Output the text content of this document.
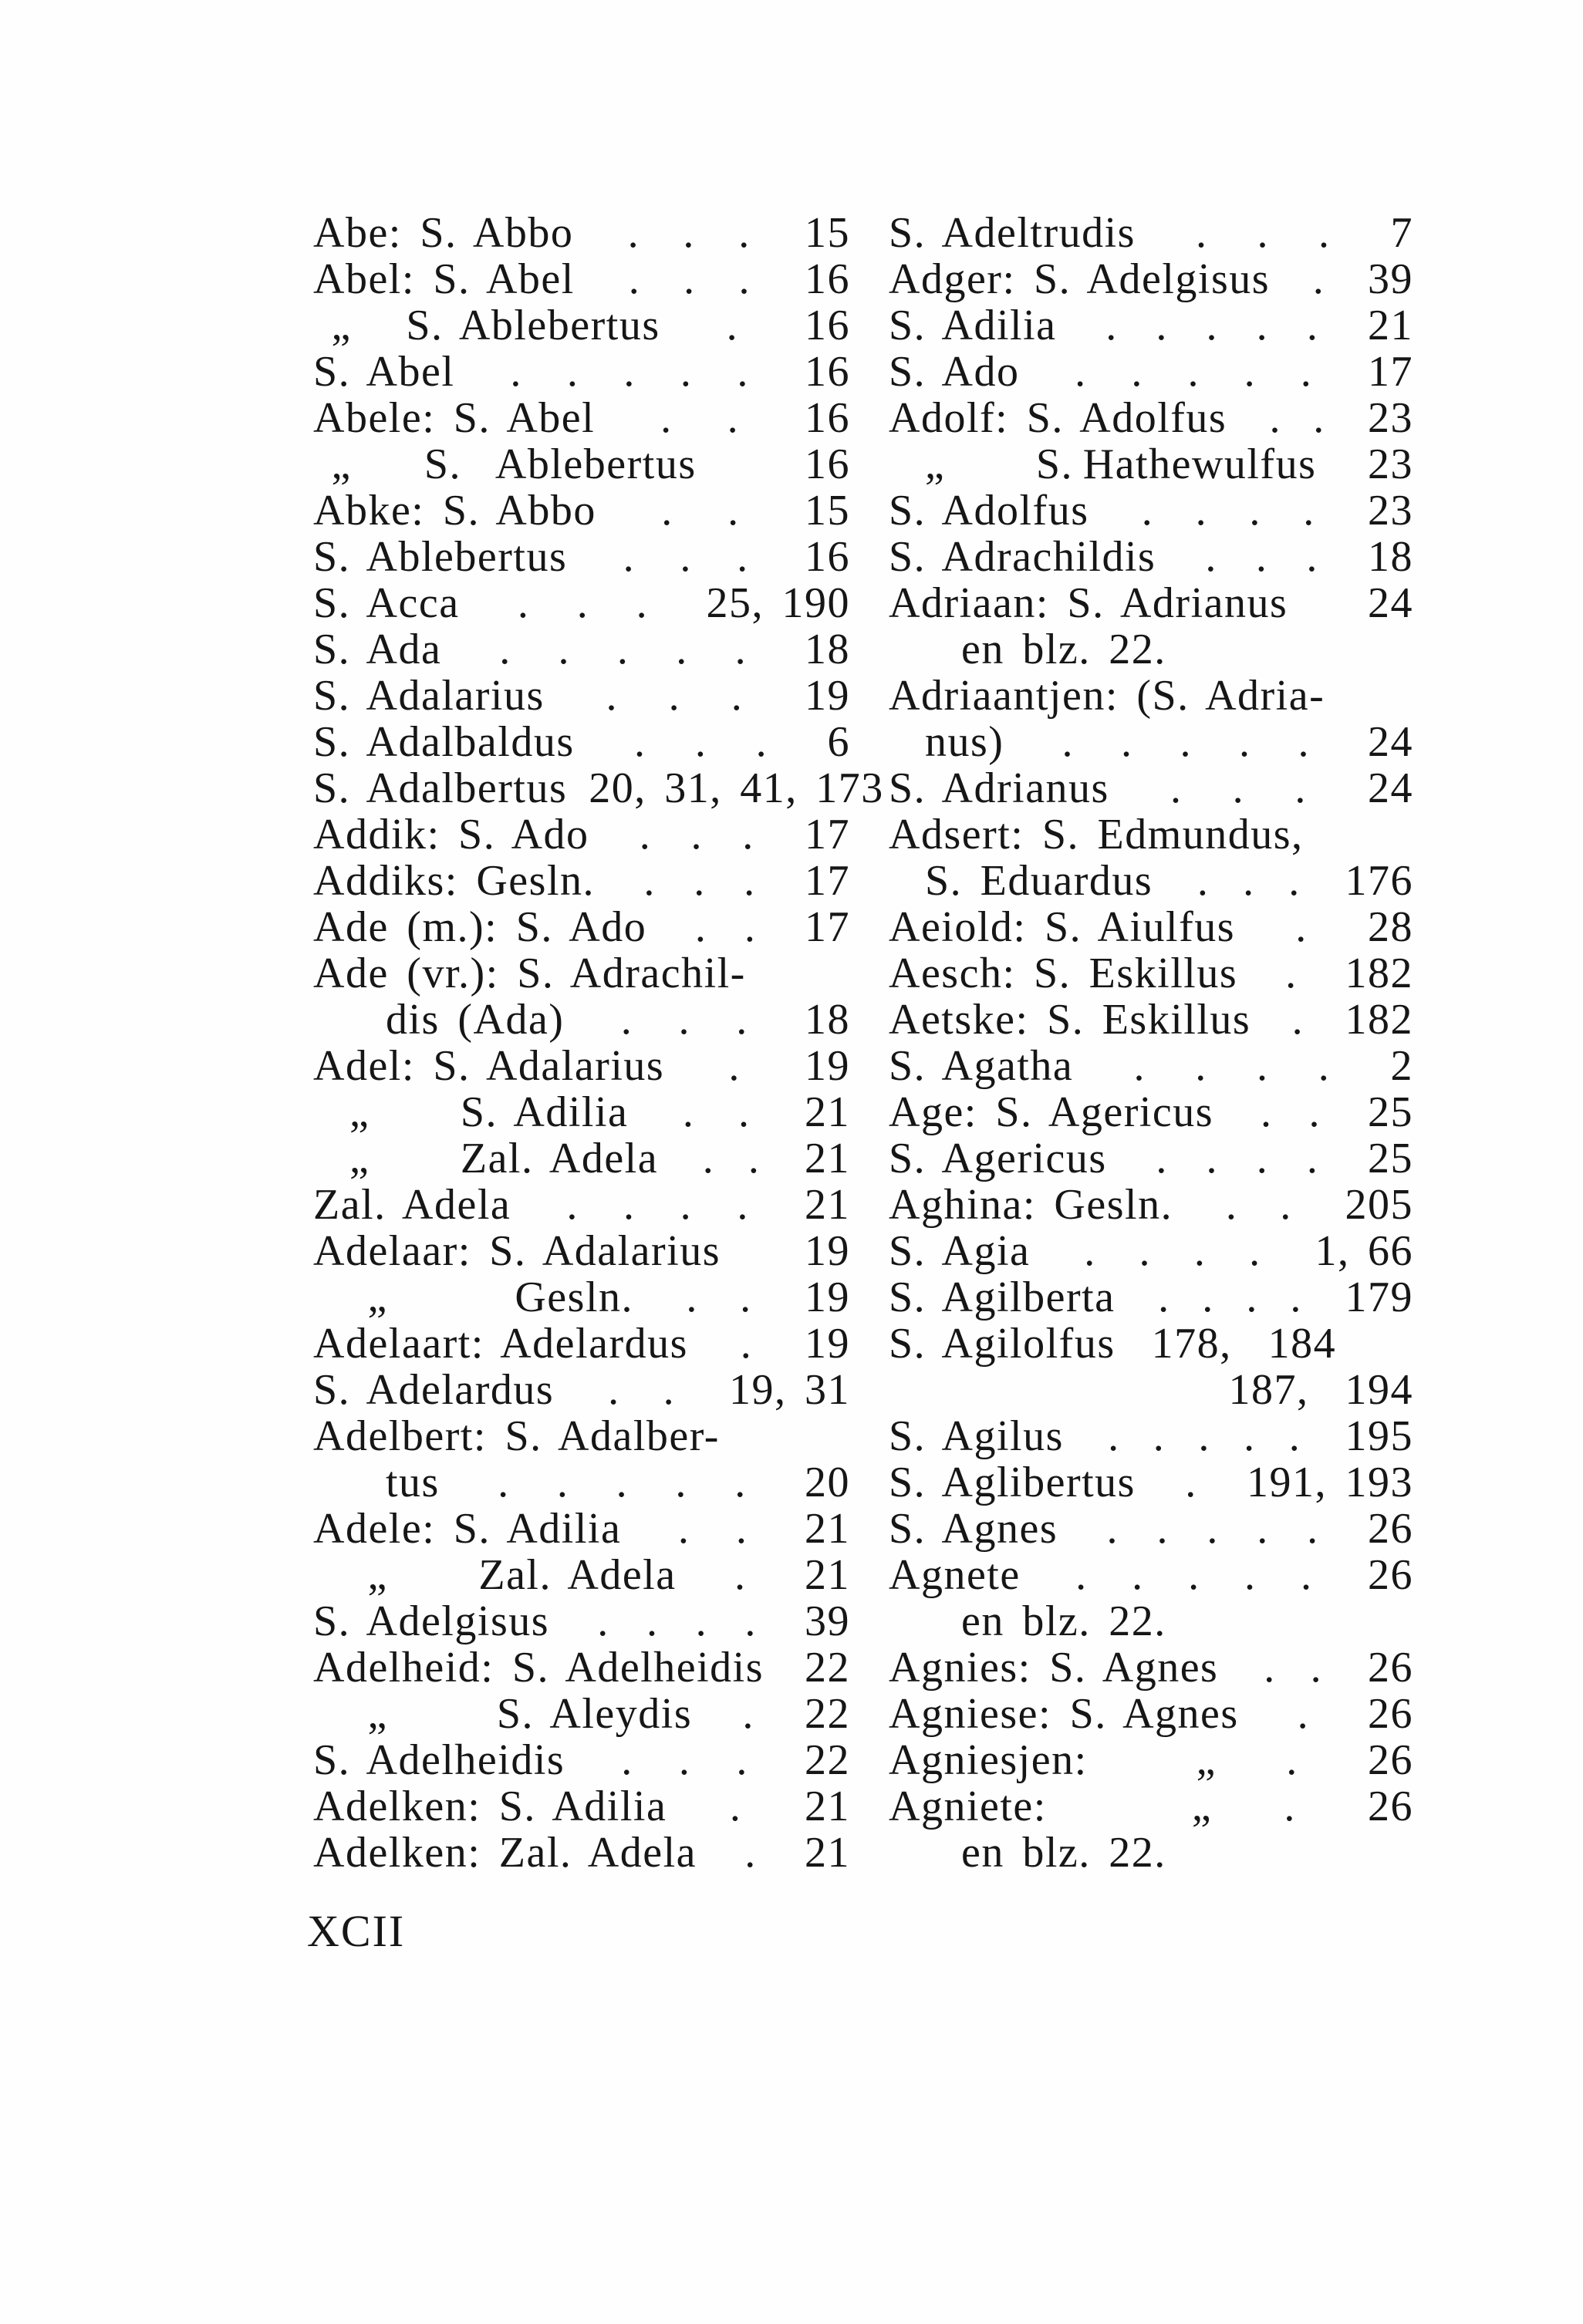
Abe: S. Abbo . . . 15
Abel: S. Abel . . . 16
„   S. Ablebertus . 16
S. Abel . . . . . 16
Abele: S. Abel . . 16
„    S.  Ablebertus	16
Abke: S. Abbo . . 15
S. Ablebertus . . . 16
S. Acca . . . 25, 190
S. Ada . . . . . 18
S. Adalarius . . . 19
S. Adalbaldus . . . 6
S. Adalbertus 20, 31, 41, 173
Addik: S. Ado . . . 17
Addiks: Gesln. . . . 17
Ade (m.): S. Ado . . 17
Ade (vr.): S. Adrachil-
dis (Ada) . . . 18
Adel: S. Adalarius . 19
„     S. Adilia . . 21
„     Zal. Adela . . 21
Zal. Adela . . . . 21
Adelaar: S. Adalarius 19
„       Gesln. . . 19
Adelaart: Adelardus . 19
S. Adelardus . . 19, 31
Adelbert: S. Adalber-
tus . . . . . 20
Adele: S. Adilia . . 21
„     Zal. Adela . 21
S. Adelgisus . . . . 39
Adelheid: S. Adelheidis 22
„      S. Aleydis . 22
S. Adelheidis . . . 22
Adelken: S. Adilia . 21
Adelken: Zal. Adela . 21
S. Adeltrudis . . . 7
Adger: S. Adelgisus . 39
S. Adilia . . . . . 21
S. Ado . . . . . 17
Adolf: S. Adolfus . . 23
„     S. Hathewulfus 23
S. Adolfus . . . . 23
S. Adrachildis . . . 18
Adriaan: S. Adrianus 24
en blz. 22.
Adriaantjen: (S. Adria-
nus) . . . . . 24
S. Adrianus . . . 24
Adsert: S. Edmundus,
S. Eduardus . . . 176
Aeiold: S. Aiulfus . 28
Aesch: S. Eskillus . 182
Aetske: S. Eskillus . 182
S. Agatha . . . . 2
Age: S. Agericus . . 25
S. Agericus . . . . 25
Aghina: Gesln. . . 205
S. Agia . . . . 1, 66
S. Agilberta . . . . 179
S. Agilolfus  178,  184
187,  194
S. Agilus . . . . . 195
S. Aglibertus . 191, 193
S. Agnes . . . . . 26
Agnete . . . . . 26
en blz. 22.
Agnies: S. Agnes . . 26
Agniese: S. Agnes . 26
Agniesjen:      „ . 26
Agniete:        „ . 26
en blz. 22.
XCII
